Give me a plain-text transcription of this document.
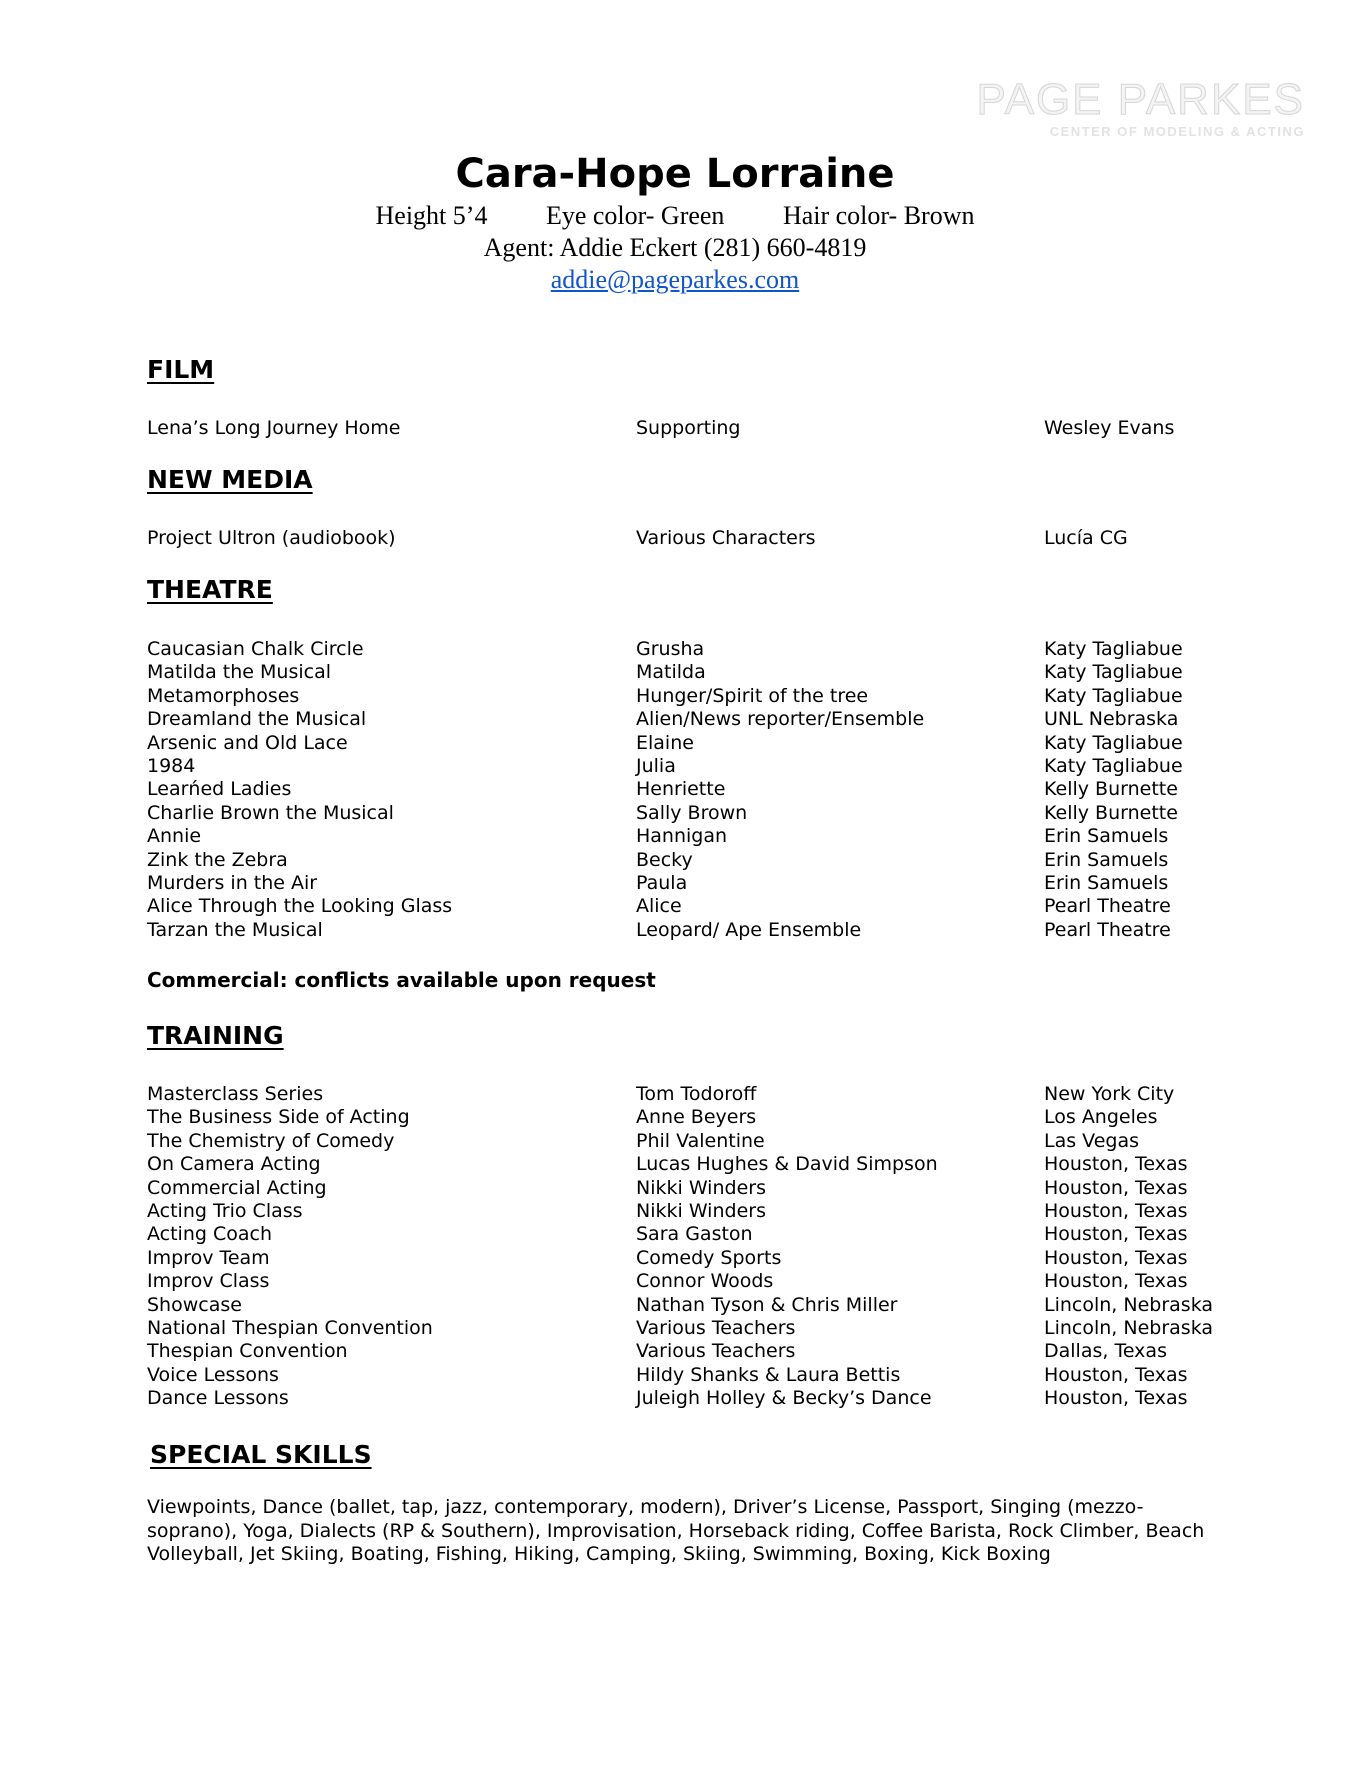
PAGE PARKES
CENTER OF MODELING & ACTING
Cara-Hope Lorraine
Height 5’4 Eye color- Green Hair color- Brown
Agent: Addie Eckert (281) 660-4819
addie@pageparkes.com
FILM
Lena’s Long Journey Home	Supporting	Wesley Evans
NEW MEDIA
Project Ultron (audiobook)	Various Characters	Lucía CG
THEATRE
Caucasian Chalk Circle	Grusha	Katy Tagliabue
Matilda the Musical	Matilda	Katy Tagliabue
Metamorphoses	Hunger/Spirit of the tree	Katy Tagliabue
Dreamland the Musical	Alien/News reporter/Ensemble	UNL Nebraska
Arsenic and Old Lace	Elaine	Katy Tagliabue
1984	Julia	Katy Tagliabue
Learńed Ladies	Henriette	Kelly Burnette
Charlie Brown the Musical	Sally Brown	Kelly Burnette
Annie	Hannigan	Erin Samuels
Zink the Zebra	Becky	Erin Samuels
Murders in the Air	Paula	Erin Samuels
Alice Through the Looking Glass	Alice	Pearl Theatre
Tarzan the Musical	Leopard/ Ape Ensemble	Pearl Theatre
Commercial: conflicts available upon request
TRAINING
Masterclass Series	Tom Todoroff	New York City
The Business Side of Acting	Anne Beyers	Los Angeles
The Chemistry of Comedy	Phil Valentine	Las Vegas
On Camera Acting	Lucas Hughes & David Simpson	Houston, Texas
Commercial Acting	Nikki Winders	Houston, Texas
Acting Trio Class	Nikki Winders	Houston, Texas
Acting Coach	Sara Gaston	Houston, Texas
Improv Team	Comedy Sports	Houston, Texas
Improv Class	Connor Woods	Houston, Texas
Showcase	Nathan Tyson & Chris Miller	Lincoln, Nebraska
National Thespian Convention	Various Teachers	Lincoln, Nebraska
Thespian Convention	Various Teachers	Dallas, Texas
Voice Lessons	Hildy Shanks & Laura Bettis	Houston, Texas
Dance Lessons	Juleigh Holley & Becky’s Dance	Houston, Texas
SPECIAL SKILLS
Viewpoints, Dance (ballet, tap, jazz, contemporary, modern), Driver’s License, Passport, Singing (mezzo-soprano), Yoga, Dialects (RP & Southern), Improvisation, Horseback riding, Coffee Barista, Rock Climber, Beach Volleyball, Jet Skiing, Boating, Fishing, Hiking, Camping, Skiing, Swimming, Boxing, Kick Boxing
